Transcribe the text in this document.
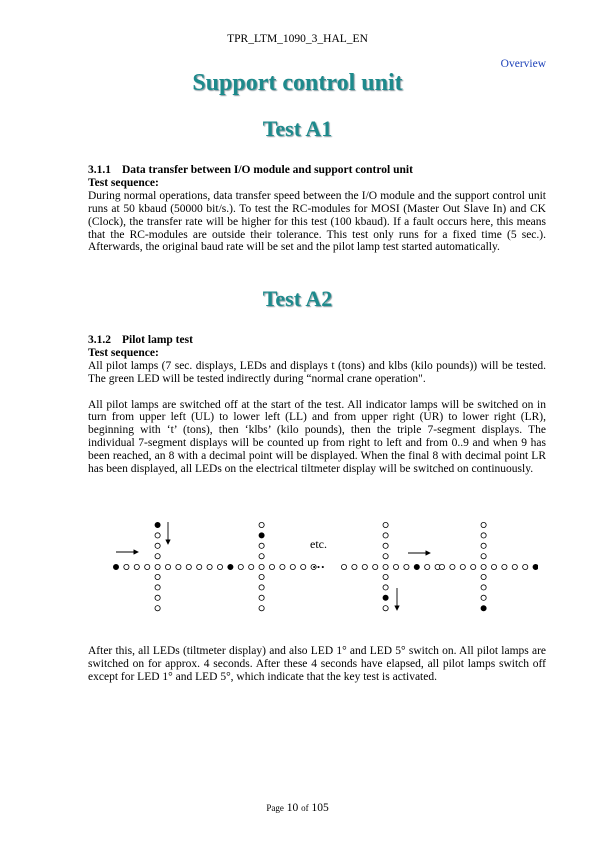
TPR_LTM_1090_3_HAL_EN
Overview
Support control unit
Test A1

3.1.1 Data transfer between I/O module and support control unit

Test sequence:

During normal operations, data transfer speed between the I/O module and the support control unit runs at 50 kbaud (50000 bit/s.). To test the RC-modules for MOSI (Master Out Slave In) and CK (Clock), the transfer rate will be higher for this test (100 kbaud). If a fault occurs here, this means that the RC-modules are outside their tolerance. This test only runs for a fixed time (5 sec.). Afterwards, the original baud rate will be set and the pilot lamp test started automatically.

Test A2

3.1.2 Pilot lamp test

Test sequence:

All pilot lamps (7 sec. displays, LEDs and displays t (tons) and klbs (kilo pounds)) will be tested. The green LED will be tested indirectly during “normal crane operation".

All pilot lamps are switched off at the start of the test. All indicator lamps will be switched on in turn from upper left (UL) to lower left (LL) and from upper right (UR) to lower right (LR), beginning with ‘t’ (tons), then ‘klbs’ (kilo pounds), then the triple 7-segment displays. The individual 7-segment displays will be counted up from right to left and from 0..9 and when 9 has been reached, an 8 with a decimal point will be displayed. When the final 8 with decimal point LR has been displayed, all LEDs on the electrical tiltmeter display will be switched on continuously.

etc.
···

After this, all LEDs (tiltmeter display) and also LED 1° and LED 5° switch on. All pilot lamps are switched on for approx. 4 seconds. After these 4 seconds have elapsed, all pilot lamps switch off except for LED 1° and LED 5°, which indicate that the key test is activated.

Page 10 of 105
